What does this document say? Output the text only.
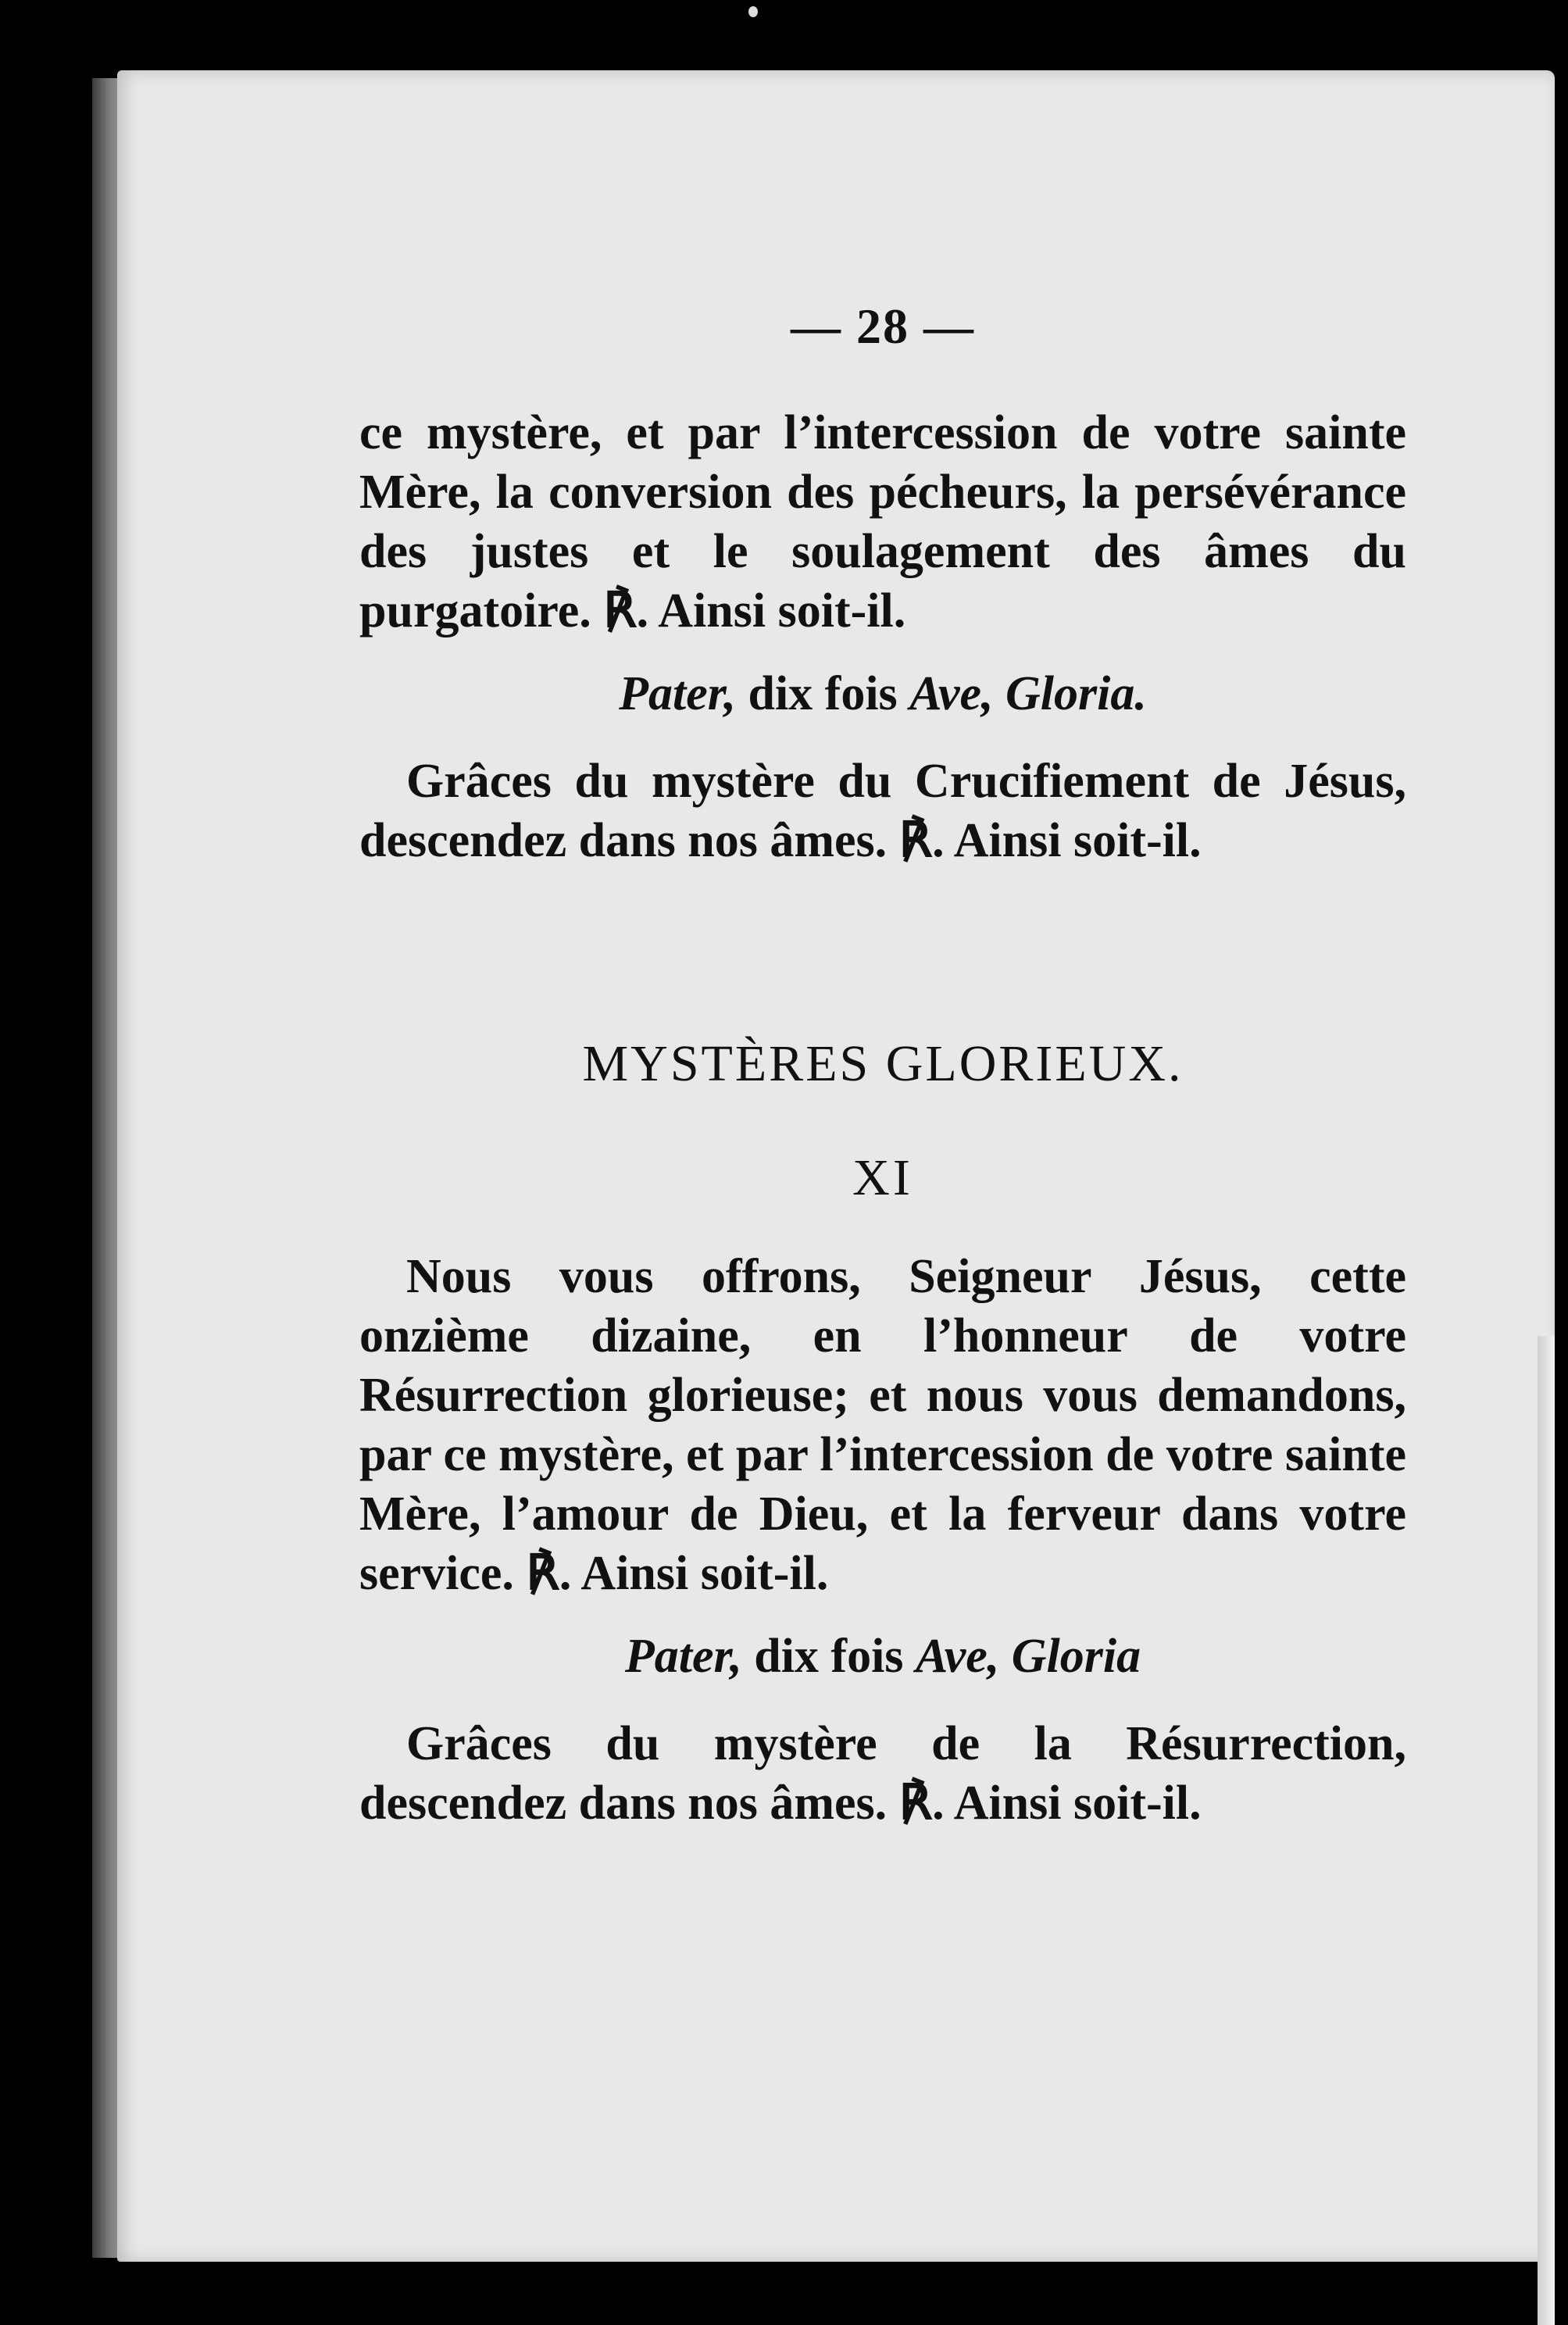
— 28 —

ce mystère, et par l’intercession de votre sainte Mère, la conversion des pécheurs, la persévérance des justes et le soulagement des âmes du purgatoire. ℟. Ainsi soit-il.

Pater, dix fois Ave, Gloria.

Grâces du mystère du Crucifiement de Jésus, descendez dans nos âmes. ℟. Ainsi soit-il.

MYSTÈRES GLORIEUX.
XI

Nous vous offrons, Seigneur Jésus, cette onzième dizaine, en l’honneur de votre Résurrection glorieuse; et nous vous demandons, par ce mystère, et par l’intercession de votre sainte Mère, l’amour de Dieu, et la ferveur dans votre service. ℟. Ainsi soit-il.

Pater, dix fois Ave, Gloria

Grâces du mystère de la Résurrection, descendez dans nos âmes. ℟. Ainsi soit-il.
